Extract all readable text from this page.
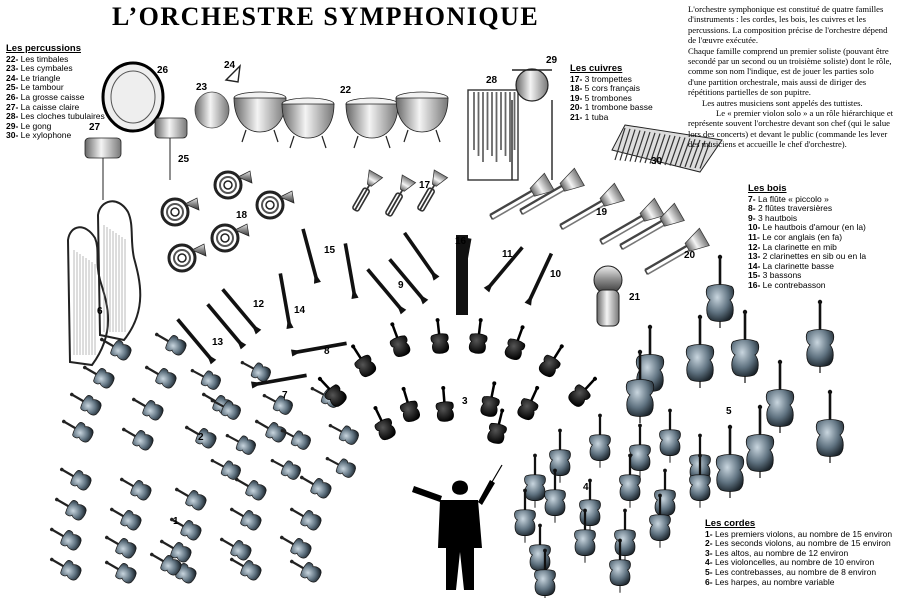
1
2
3
4
5
6
7
8
9
10
11
12
13
14
15
16
17
18	19
20
21
22
23
24
25
26
27
28
29
30
L’ORCHESTRE SYMPHONIQUE	L'orchestre symphonique est constitué de quatre familles d'instruments : les cordes, les bois, les cuivres et les percussions. La composition précise de l'orchestre dépend de l'œuvre exécutée.

Chaque famille comprend un premier soliste (pouvant être secondé par un second ou un troisième soliste) dont le rôle, comme son nom l'indique, est de jouer les parties solo d'une partition orchestrale, mais aussi de diriger des répétitions partielles de son pupitre.

Les autres musiciens sont appelés des tuttistes.

Le « premier violon solo » a un rôle hiérarchique et représente souvent l'orchestre devant son chef (qui le salue lors des concerts) et devant le public (commande les lever des musiciens et accueille le chef d'orchestre).

Les percussions
22- Les timbales
23- Les cymbales
24- Le triangle
25- Le tambour
26- La grosse caisse
27- La caisse claire
28- Les cloches tubulaires
29- Le gong
30- Le xylophone
Les cuivres
17- 3 trompettes
18- 5 cors français
19- 5 trombones
20- 1 trombone basse
21- 1 tuba
Les bois
7- La flûte « piccolo »
8- 2 flûtes traversières
9- 3 hautbois
10- Le hautbois d'amour (en la)
11- Le cor anglais (en fa)
12- La clarinette en mib
13- 2 clarinettes en sib ou en la
14- La clarinette basse
15- 3 bassons
16- Le contrebasson
Les cordes
1- Les premiers violons, au nombre de 15 environ
2- Les seconds violons, au nombre de 15 environ
3- Les altos, au nombre de 12 environ
4- Les violoncelles, au nombre de 10 environ
5- Les contrebasses, au nombre de 8 environ
6- Les harpes, au nombre variable
